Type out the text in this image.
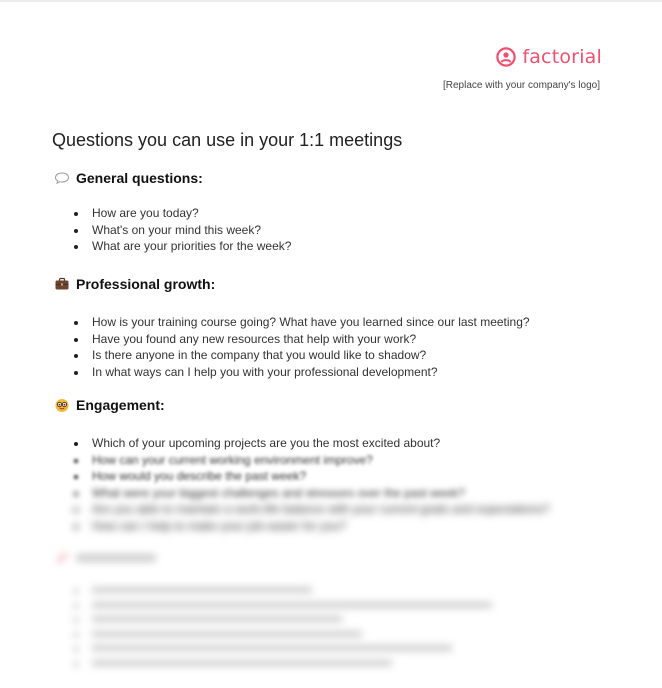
factorial
[Replace with your company's logo]
Questions you can use in your 1:1 meetings
General questions:
How are you today?
What's on your mind this week?
What are your priorities for the week?
Professional growth:
How is your training course going? What have you learned since our last meeting?
Have you found any new resources that help with your work?
Is there anyone in the company that you would like to shadow?
In what ways can I help you with your professional development?
Engagement:
Which of your upcoming projects are you the most excited about?
How can your current working environment improve?
How would you describe the past week?
What were your biggest challenges and stressors over the past week?
Are you able to maintain a work-life balance with your current goals and expectations?
How can I help to make your job easier for you?
